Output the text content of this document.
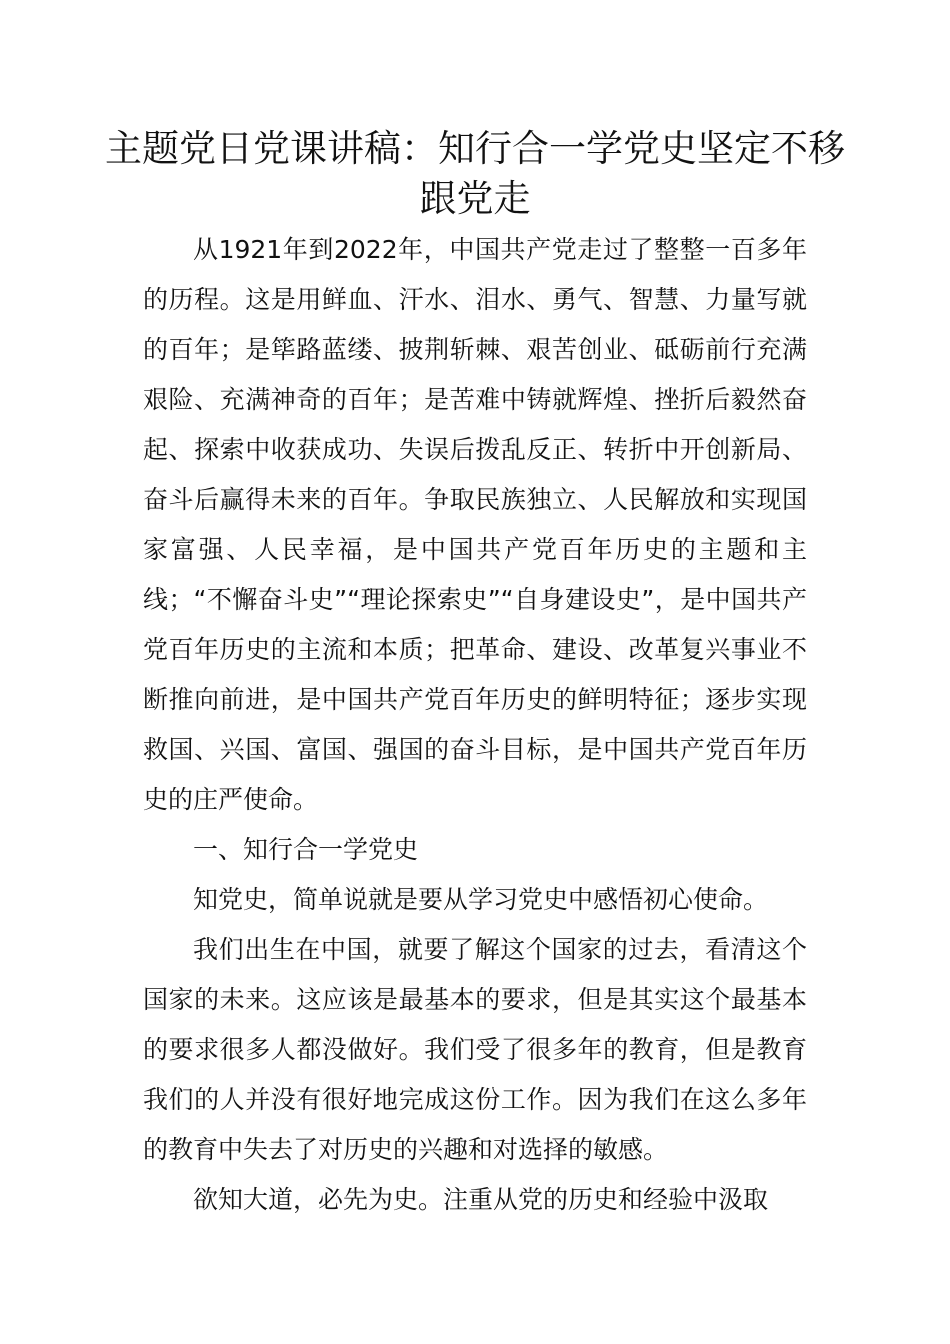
主题党日党课讲稿：知行合一学党史坚定不移跟党走

从1921年到2022年，中国共产党走过了整整一百多年的历程。这是用鲜血、汗水、泪水、勇气、智慧、力量写就的百年；是筚路蓝缕、披荆斩棘、艰苦创业、砥砺前行充满艰险、充满神奇的百年；是苦难中铸就辉煌、挫折后毅然奋起、探索中收获成功、失误后拨乱反正、转折中开创新局、奋斗后赢得未来的百年。争取民族独立、人民解放和实现国家富强、人民幸福，是中国共产党百年历史的主题和主线；“不懈奋斗史”“理论探索史”“自身建设史”，是中国共产党百年历史的主流和本质；把革命、建设、改革复兴事业不断推向前进，是中国共产党百年历史的鲜明特征；逐步实现救国、兴国、富国、强国的奋斗目标，是中国共产党百年历史的庄严使命。

一、知行合一学党史

知党史，简单说就是要从学习党史中感悟初心使命。

我们出生在中国，就要了解这个国家的过去，看清这个国家的未来。这应该是最基本的要求，但是其实这个最基本的要求很多人都没做好。我们受了很多年的教育，但是教育我们的人并没有很好地完成这份工作。因为我们在这么多年的教育中失去了对历史的兴趣和对选择的敏感。

欲知大道，必先为史。注重从党的历史和经验中汲取
